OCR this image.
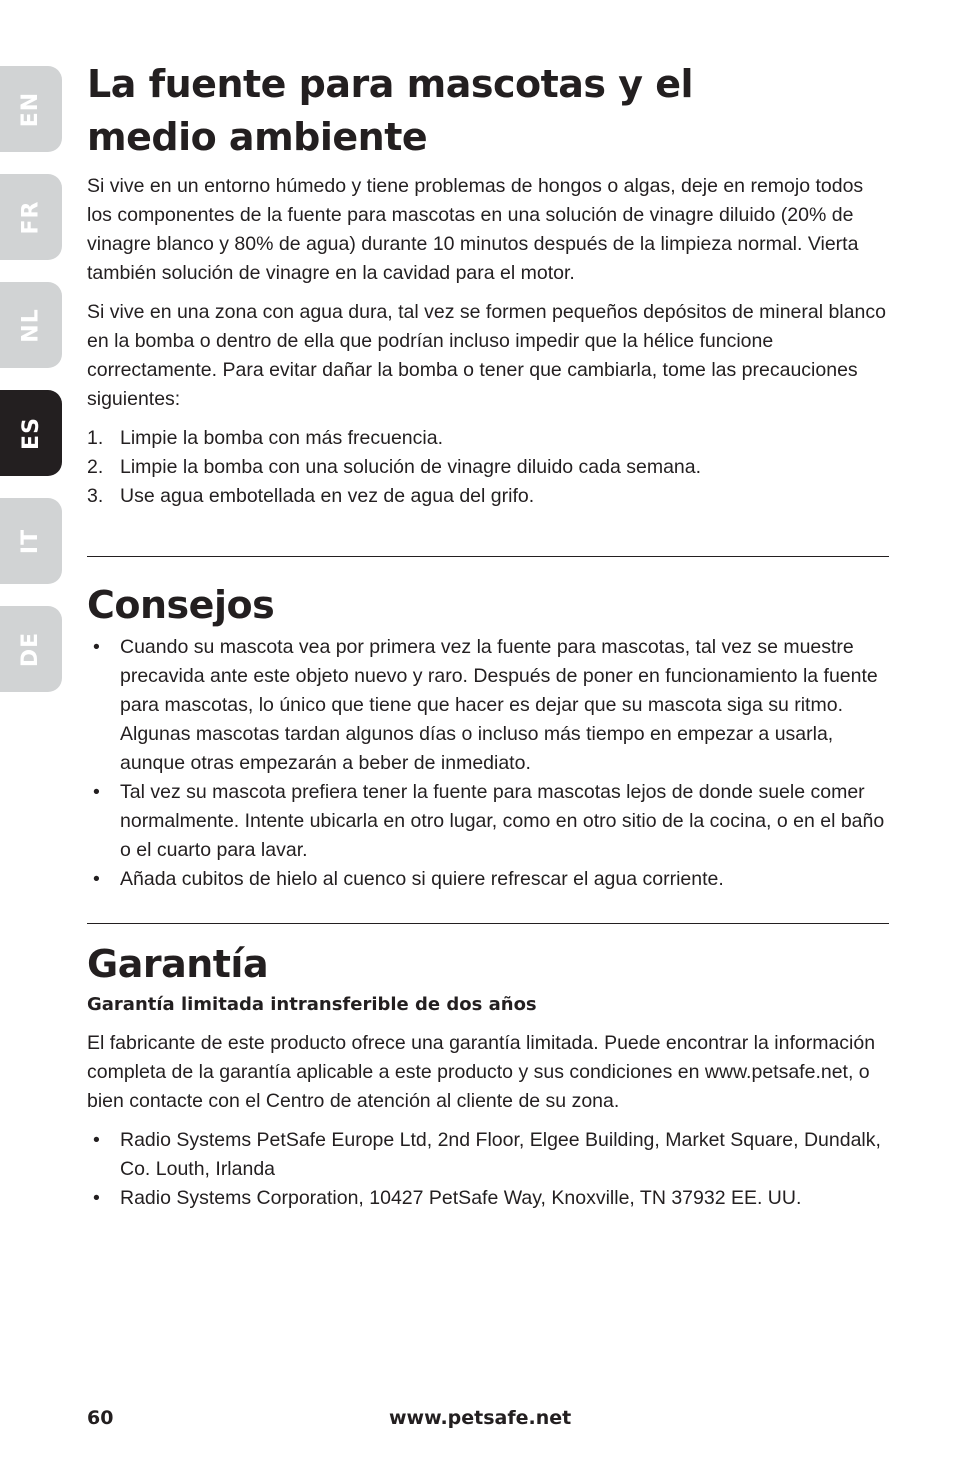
EN
FR
NL
ES
IT
DE
La fuente para mascotas y el
medio ambiente

Si vive en un entorno húmedo y tiene problemas de hongos o algas, deje en remojo todos los componentes de la fuente para mascotas en una solución de vinagre diluido (20% de vinagre blanco y 80% de agua) durante 10 minutos después de la limpieza normal. Vierta también solución de vinagre en la cavidad para el motor.

Si vive en una zona con agua dura, tal vez se formen pequeños depósitos de mineral blanco en la bomba o dentro de ella que podrían incluso impedir que la hélice funcione correctamente. Para evitar dañar la bomba o tener que cambiarla, tome las precauciones siguientes:

1. Limpie la bomba con más frecuencia.
2. Limpie la bomba con una solución de vinagre diluido cada semana.
3. Use agua embotellada en vez de agua del grifo.
Consejos
• Cuando su mascota vea por primera vez la fuente para mascotas, tal vez se muestre precavida ante este objeto nuevo y raro. Después de poner en funcionamiento la fuente para mascotas, lo único que tiene que hacer es dejar que su mascota siga su ritmo. Algunas mascotas tardan algunos días o incluso más tiempo en empezar a usarla, aunque otras empezarán a beber de inmediato.
• Tal vez su mascota prefiera tener la fuente para mascotas lejos de donde suele comer normalmente. Intente ubicarla en otro lugar, como en otro sitio de la cocina, o en el baño o el cuarto para lavar.
• Añada cubitos de hielo al cuenco si quiere refrescar el agua corriente.
Garantía
Garantía limitada intransferible de dos años

El fabricante de este producto ofrece una garantía limitada. Puede encontrar la información completa de la garantía aplicable a este producto y sus condiciones en www.petsafe.net, o bien contacte con el Centro de atención al cliente de su zona.

• Radio Systems PetSafe Europe Ltd, 2nd Floor, Elgee Building, Market Square, Dundalk, Co. Louth, Irlanda
• Radio Systems Corporation, 10427 PetSafe Way, Knoxville, TN 37932 EE. UU.
60	www.petsafe.net
